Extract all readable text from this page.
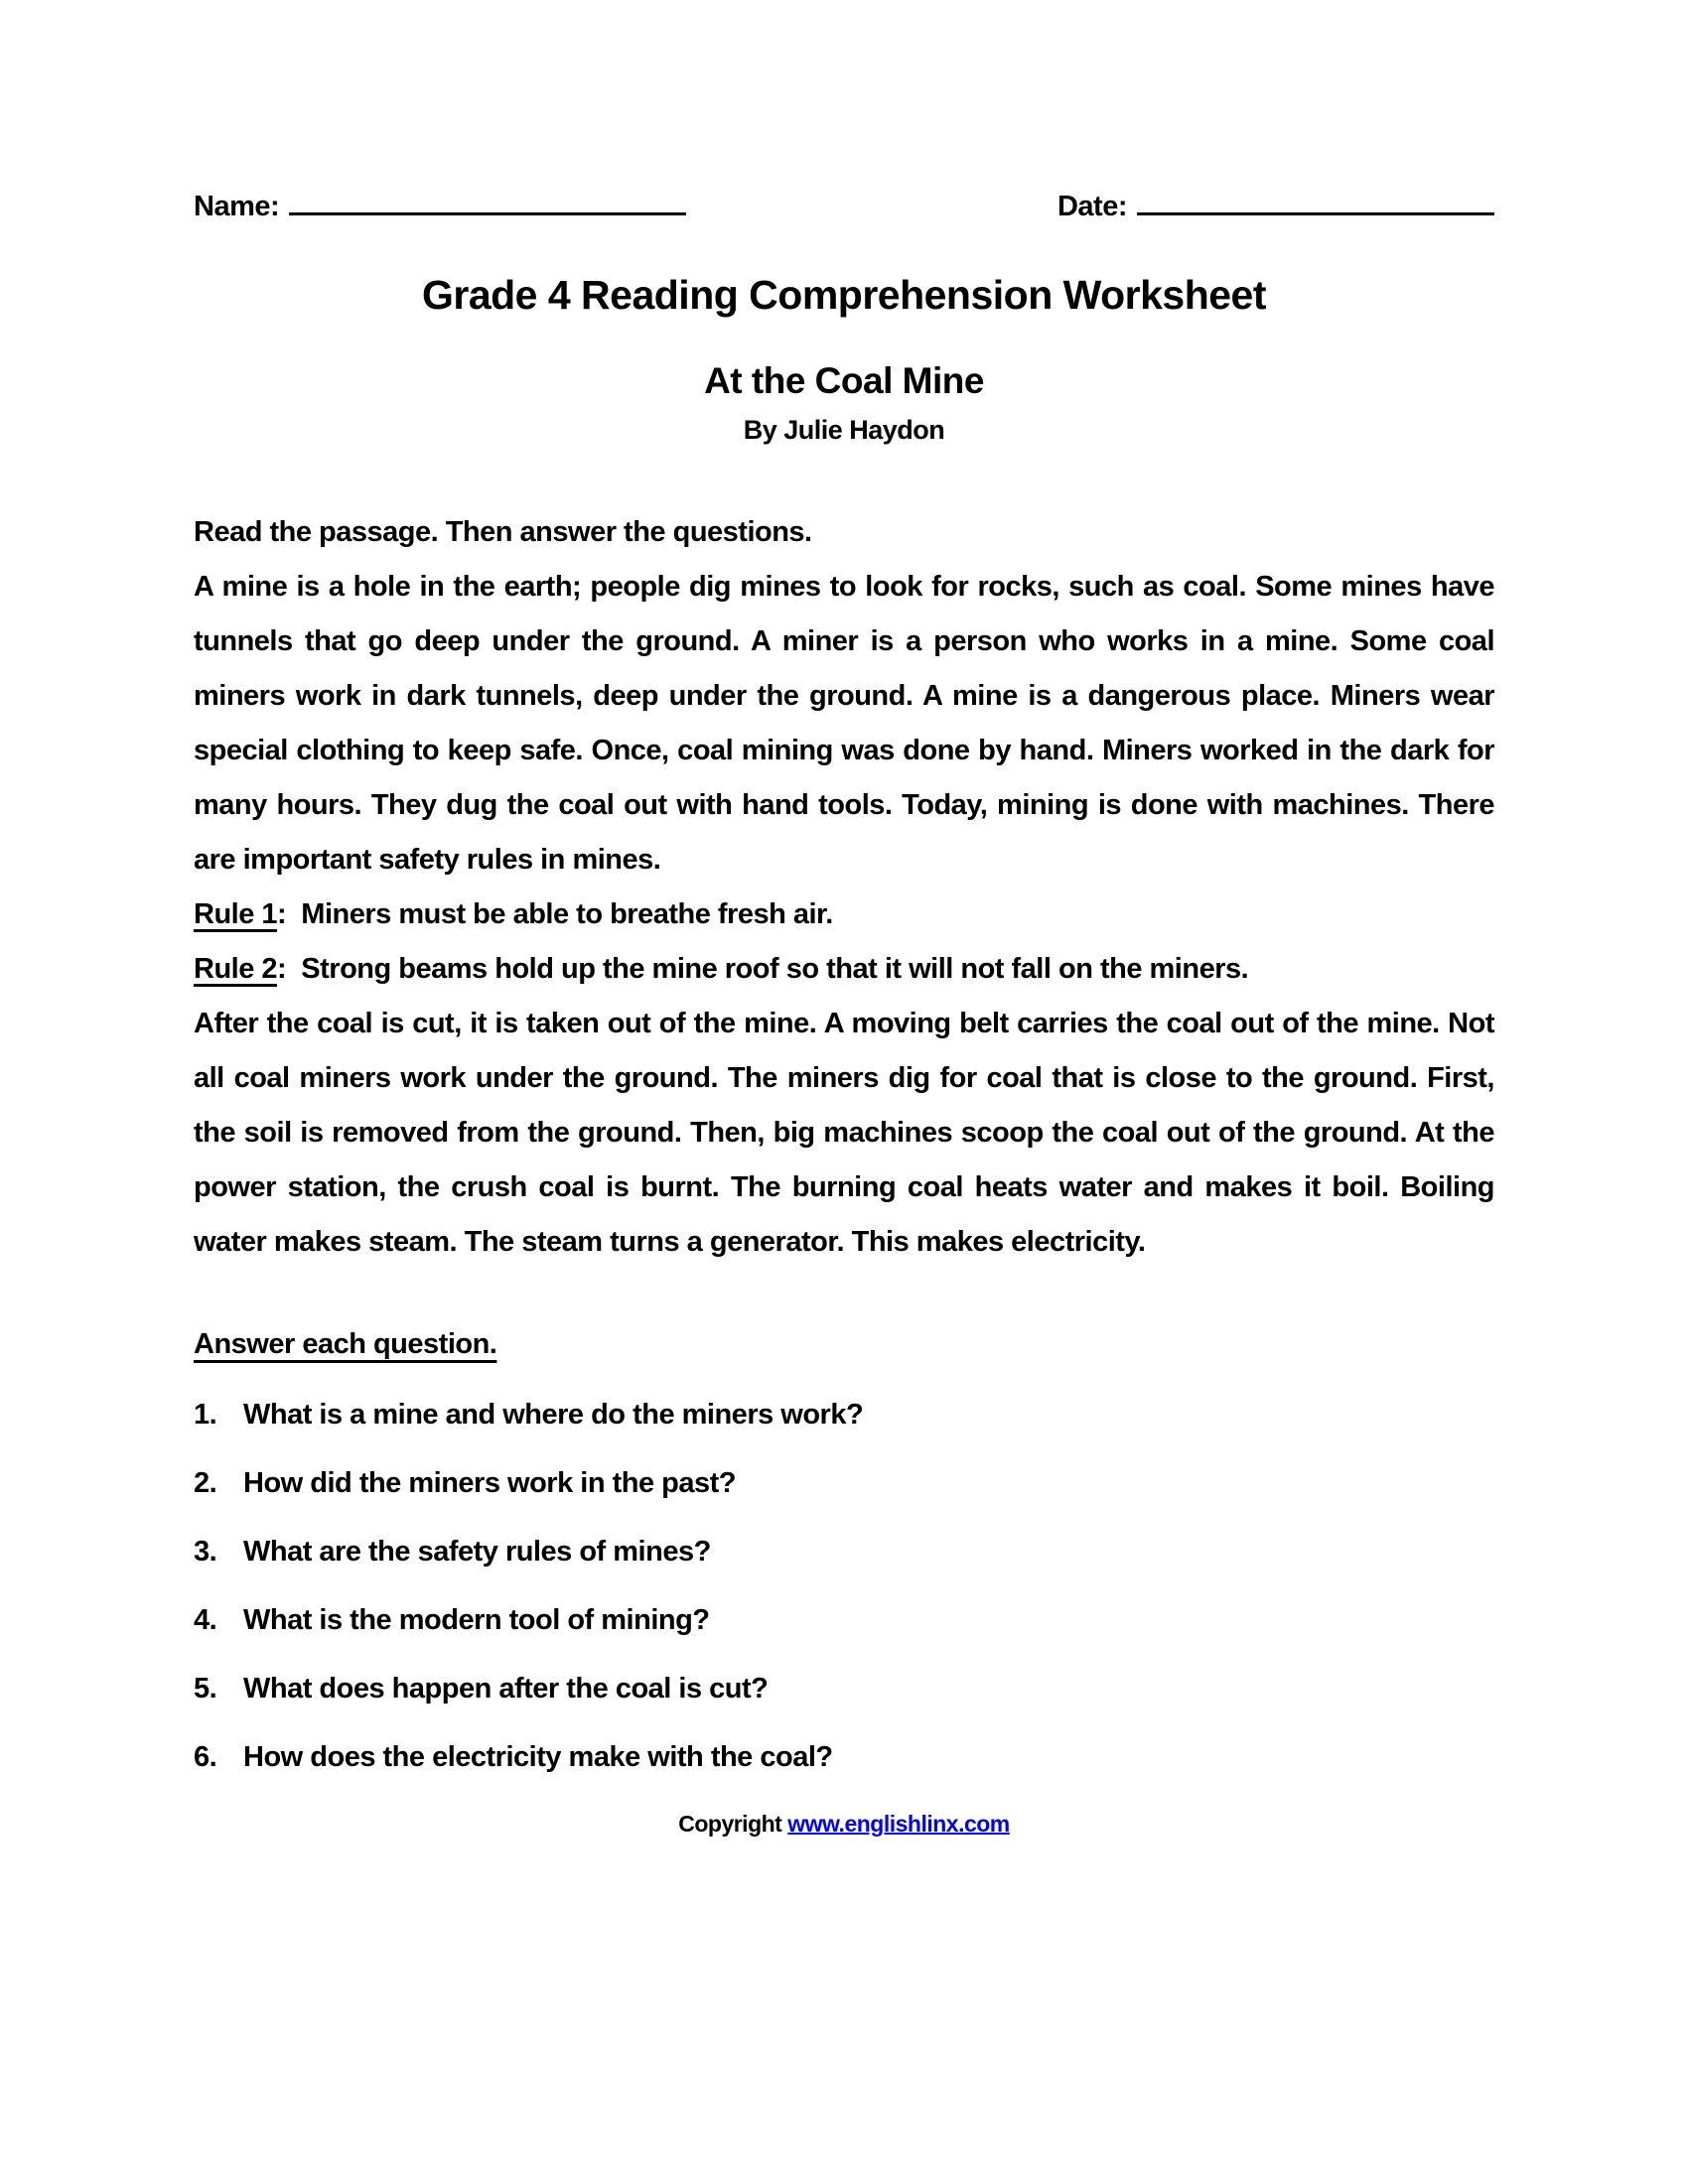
Name:	Date:
Grade 4 Reading Comprehension Worksheet
At the Coal Mine
By Julie Haydon
Read the passage. Then answer the questions.

A mine is a hole in the earth; people dig mines to look for rocks, such as coal. Some mines have tunnels that go deep under the ground. A miner is a person who works in a mine. Some coal miners work in dark tunnels, deep under the ground. A mine is a dangerous place. Miners wear special clothing to keep safe. Once, coal mining was done by hand. Miners worked in the dark for many hours. They dug the coal out with hand tools. Today, mining is done with machines. There are important safety rules in mines.

Rule 1:  Miners must be able to breathe fresh air.
Rule 2:  Strong beams hold up the mine roof so that it will not fall on the miners.

After the coal is cut, it is taken out of the mine. A moving belt carries the coal out of the mine. Not all coal miners work under the ground. The miners dig for coal that is close to the ground. First, the soil is removed from the ground. Then, big machines scoop the coal out of the ground. At the power station, the crush coal is burnt. The burning coal heats water and makes it boil. Boiling water makes steam. The steam turns a generator. This makes electricity.

Answer each question.
1. What is a mine and where do the miners work?
2. How did the miners work in the past?
3. What are the safety rules of mines?
4. What is the modern tool of mining?
5. What does happen after the coal is cut?
6. How does the electricity make with the coal?
Copyright www.englishlinx.com
